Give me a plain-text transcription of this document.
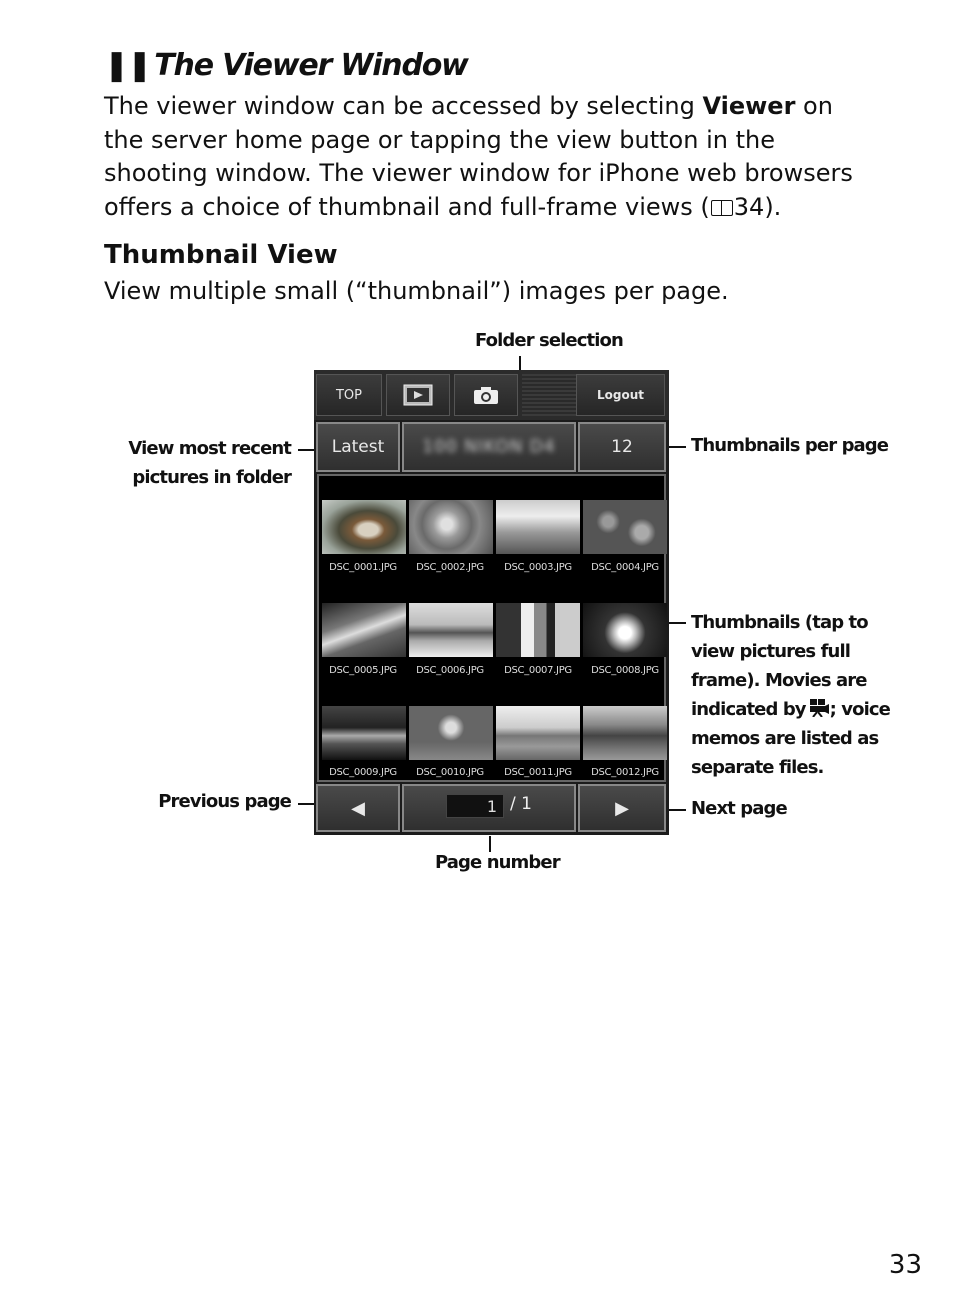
❚❚ The Viewer Window
The viewer window can be accessed by selecting Viewer on the server home page or tapping the view button in the shooting window. The viewer window for iPhone web browsers offers a choice of thumbnail and full-frame views ( 34).
Thumbnail View
View multiple small (“thumbnail”) images per page.
Folder selection
View most recent
pictures in folder
Thumbnails per page
Thumbnails (tap to
view pictures full
frame). Movies are
indicated by ; voice
memos are listed as
separate files.
Previous page	Next page
Page number
TOP	Logout
Latest	100 NIKON D4	12
DSC_0001.JPG	DSC_0002.JPG	DSC_0003.JPG	DSC_0004.JPG
DSC_0005.JPG	DSC_0006.JPG	DSC_0007.JPG	DSC_0008.JPG
DSC_0009.JPG	DSC_0010.JPG	DSC_0011.JPG	DSC_0012.JPG
◀	1 / 1	▶
33
